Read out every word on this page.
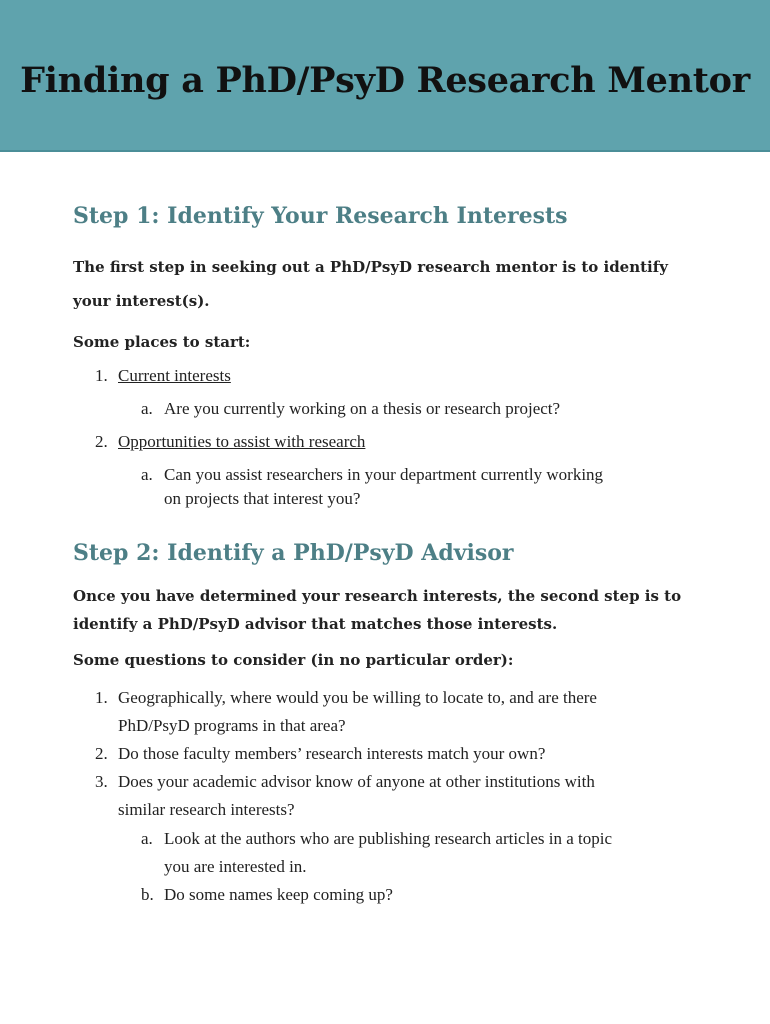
Finding a PhD/PsyD Research Mentor
Step 1: Identify Your Research Interests

The first step in seeking out a PhD/PsyD research mentor is to identify

your interest(s).

Some places to start:

1. Current interests
a. Are you currently working on a thesis or research project?
2. Opportunities to assist with research
a. Can you assist researchers in your department currently working
on projects that interest you?
Step 2: Identify a PhD/PsyD Advisor

Once you have determined your research interests, the second step is to

identify a PhD/PsyD advisor that matches those interests.

Some questions to consider (in no particular order):

1. Geographically, where would you be willing to locate to, and are there
PhD/PsyD programs in that area?
2. Do those faculty members’ research interests match your own?
3. Does your academic advisor know of anyone at other institutions with
similar research interests?
a. Look at the authors who are publishing research articles in a topic
you are interested in.
b. Do some names keep coming up?
